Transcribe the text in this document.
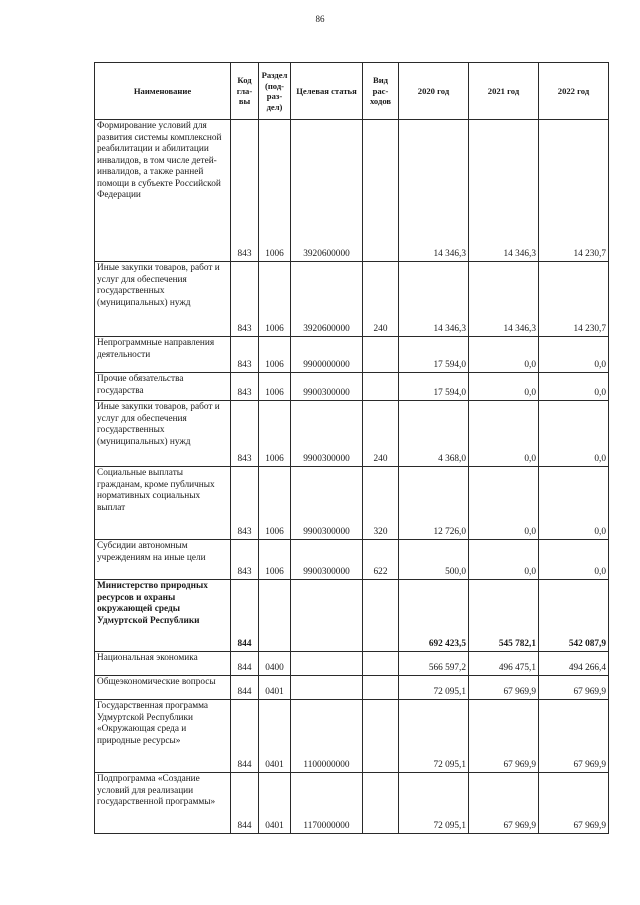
86
Наименование	Код гла-вы	Раздел (под-раз-дел)	Целевая статья	Вид рас-ходов	2020 год	2021 год	2022 год
Формирование условий для развития системы комплексной реабилитации и абилитации инвалидов, в том числе детей-инвалидов, а также ранней помощи в субъекте Российской Федерации	843	1006	3920600000		14 346,3	14 346,3	14 230,7
Иные закупки товаров, работ и услуг для обеспечения государственных (муниципальных) нужд	843	1006	3920600000	240	14 346,3	14 346,3	14 230,7
Непрограммные направления деятельности	843	1006	9900000000		17 594,0	0,0	0,0
Прочие обязательства государства	843	1006	9900300000		17 594,0	0,0	0,0
Иные закупки товаров, работ и услуг для обеспечения государственных (муниципальных) нужд	843	1006	9900300000	240	4 368,0	0,0	0,0
Социальные выплаты гражданам, кроме публичных нормативных социальных выплат	843	1006	9900300000	320	12 726,0	0,0	0,0
Субсидии автономным учреждениям на иные цели	843	1006	9900300000	622	500,0	0,0	0,0
Министерство природных ресурсов и охраны окружающей среды Удмуртской Республики	844				692 423,5	545 782,1	542 087,9
Национальная экономика	844	0400			566 597,2	496 475,1	494 266,4
Общеэкономические вопросы	844	0401			72 095,1	67 969,9	67 969,9
Государственная программа Удмуртской Республики «Окружающая среда и природные ресурсы»	844	0401	1100000000		72 095,1	67 969,9	67 969,9
Подпрограмма «Создание условий для реализации государственной программы»	844	0401	1170000000		72 095,1	67 969,9	67 969,9
